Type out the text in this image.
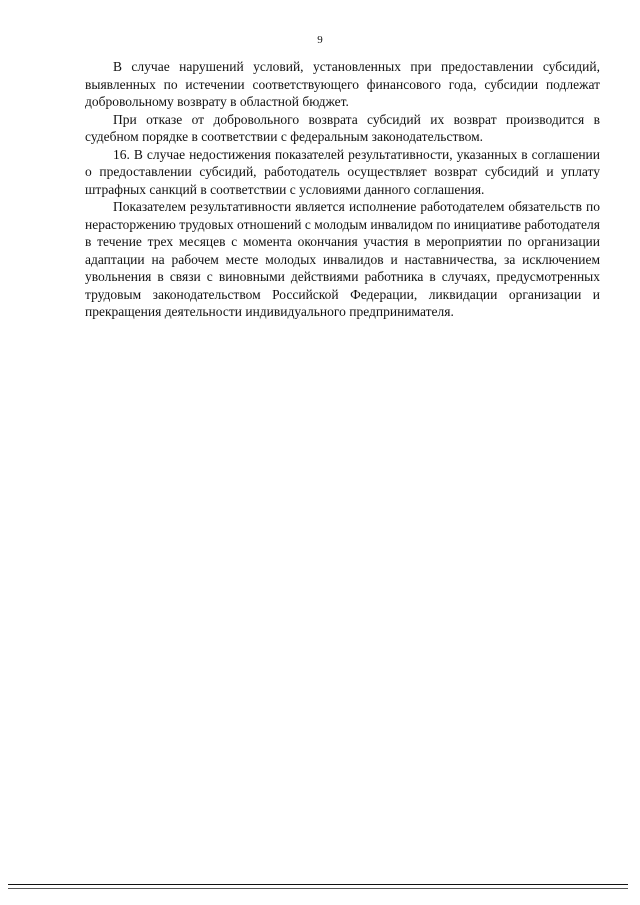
9

В случае нарушений условий, установленных при предоставлении субсидий, выявленных по истечении соответствующего финансового года, субсидии подлежат добровольному возврату в областной бюджет.

При отказе от добровольного возврата субсидий их возврат производится в судебном порядке в соответствии с федеральным законодательством.

16. В случае недостижения показателей результативности, указанных в соглашении о предоставлении субсидий, работодатель осуществляет возврат субсидий и уплату штрафных санкций в соответствии с условиями данного соглашения.

Показателем результативности является исполнение работодателем обязательств по нерасторжению трудовых отношений с молодым инвалидом по инициативе работодателя в течение трех месяцев с момента окончания участия в мероприятии по организации адаптации на рабочем месте молодых инвалидов и наставничества, за исключением увольнения в связи с виновными действиями работника в случаях, предусмотренных трудовым законодательством Российской Федерации, ликвидации организации и прекращения деятельности индивидуального предпринимателя.
